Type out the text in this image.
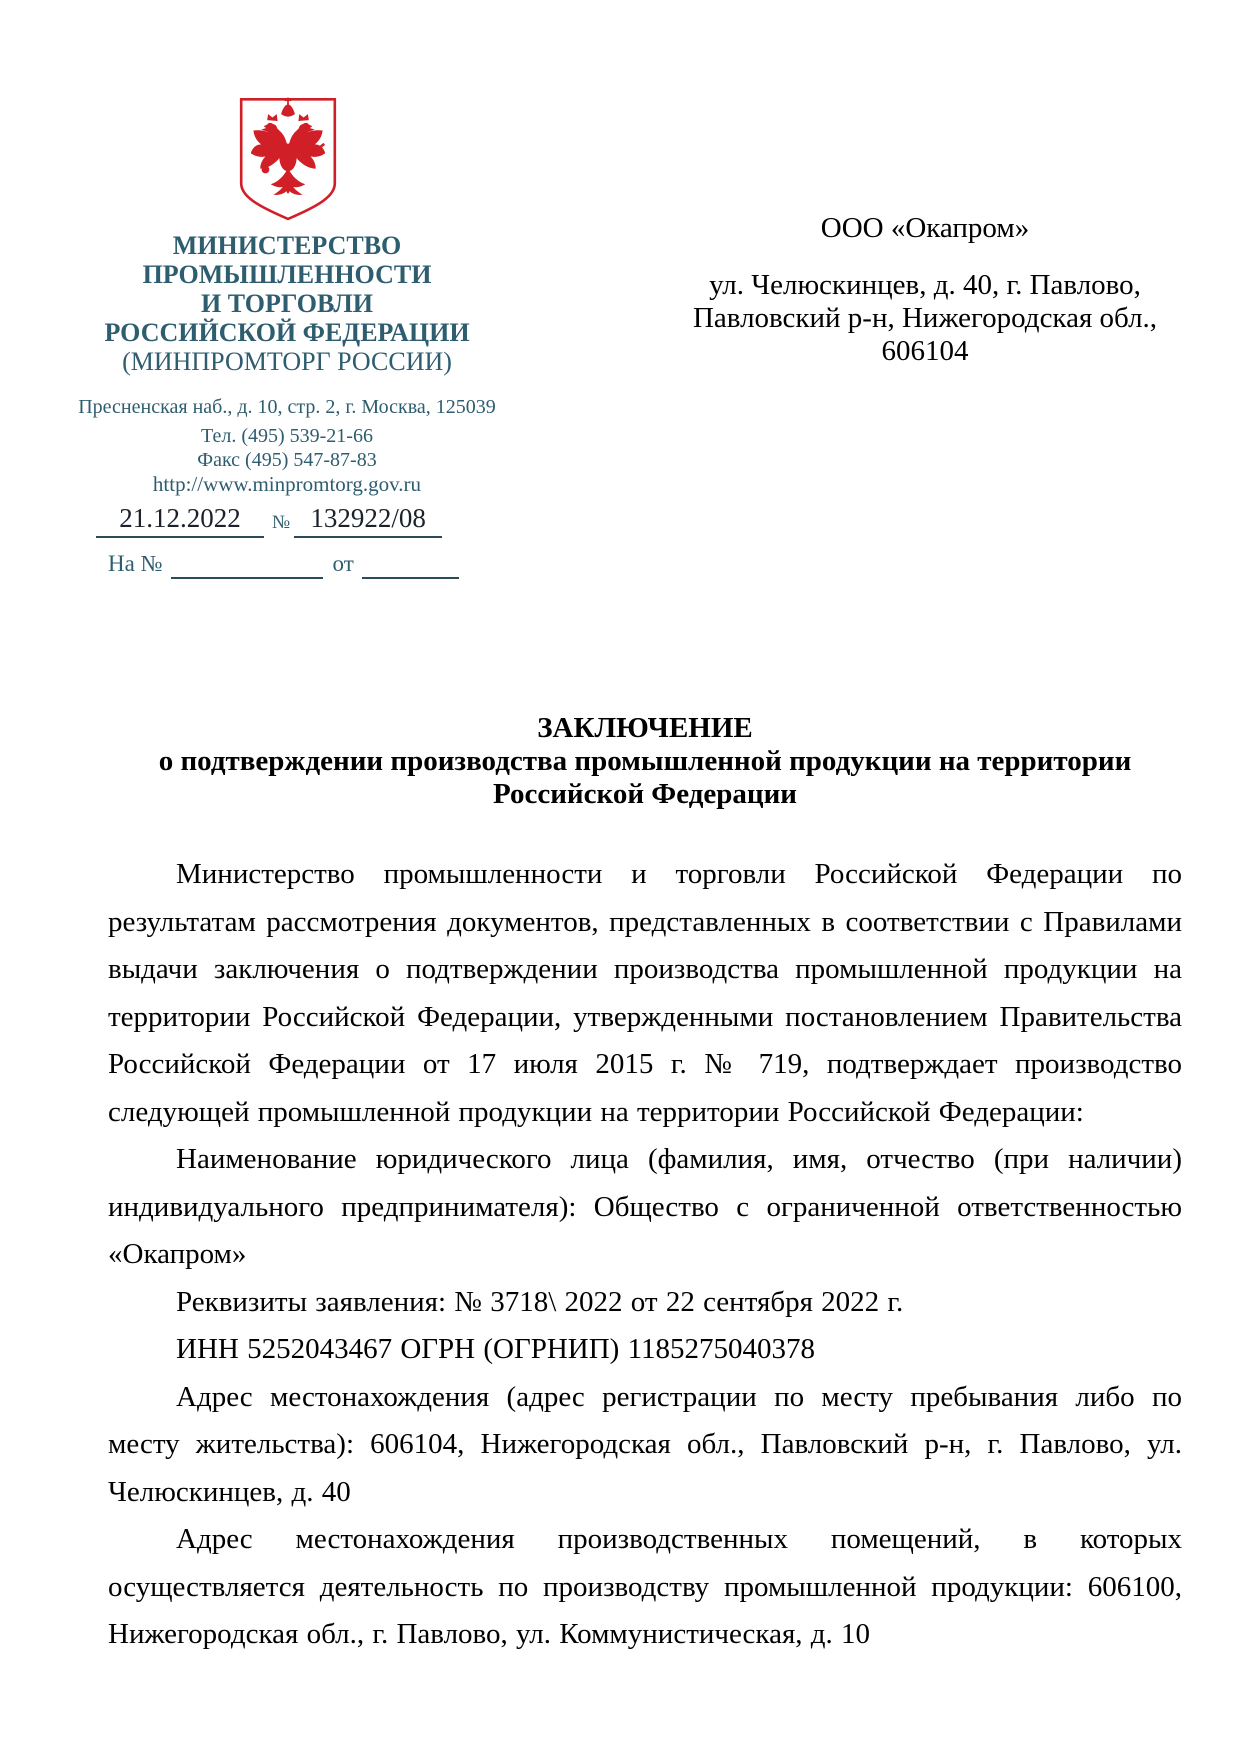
МИНИСТЕРСТВО
ПРОМЫШЛЕННОСТИ
И ТОРГОВЛИ
РОССИЙСКОЙ ФЕДЕРАЦИИ
(МИНПРОМТОРГ РОССИИ)
Пресненская наб., д. 10, стр. 2, г. Москва, 125039
Тел. (495) 539-21-66
Факс (495) 547-87-83
http://www.minpromtorg.gov.ru
21.12.2022 № 132922/08
На №	от
ООО «Окапром»
ул. Челюскинцев, д. 40, г. Павлово,
Павловский р-н, Нижегородская обл.,
606104
ЗАКЛЮЧЕНИЕ
о подтверждении производства промышленной продукции на территории
Российской Федерации

Министерство промышленности и торговли Российской Федерации по результатам рассмотрения документов, представленных в соответствии с Правилами выдачи заключения о подтверждении производства промышленной продукции на территории Российской Федерации, утвержденными постановлением Правительства Российской Федерации от 17 июля 2015 г. № 719, подтверждает производство следующей промышленной продукции на территории Российской Федерации:

Наименование юридического лица (фамилия, имя, отчество (при наличии) индивидуального предпринимателя): Общество с ограниченной ответственностью «Окапром»

Реквизиты заявления: № 3718\ 2022 от 22 сентября 2022 г.

ИНН 5252043467 ОГРН (ОГРНИП) 1185275040378

Адрес местонахождения (адрес регистрации по месту пребывания либо по месту жительства): 606104, Нижегородская обл., Павловский р-н, г. Павлово, ул. Челюскинцев, д. 40

Адрес местонахождения производственных помещений, в которых осуществляется деятельность по производству промышленной продукции: 606100, Нижегородская обл., г. Павлово, ул. Коммунистическая, д. 10
